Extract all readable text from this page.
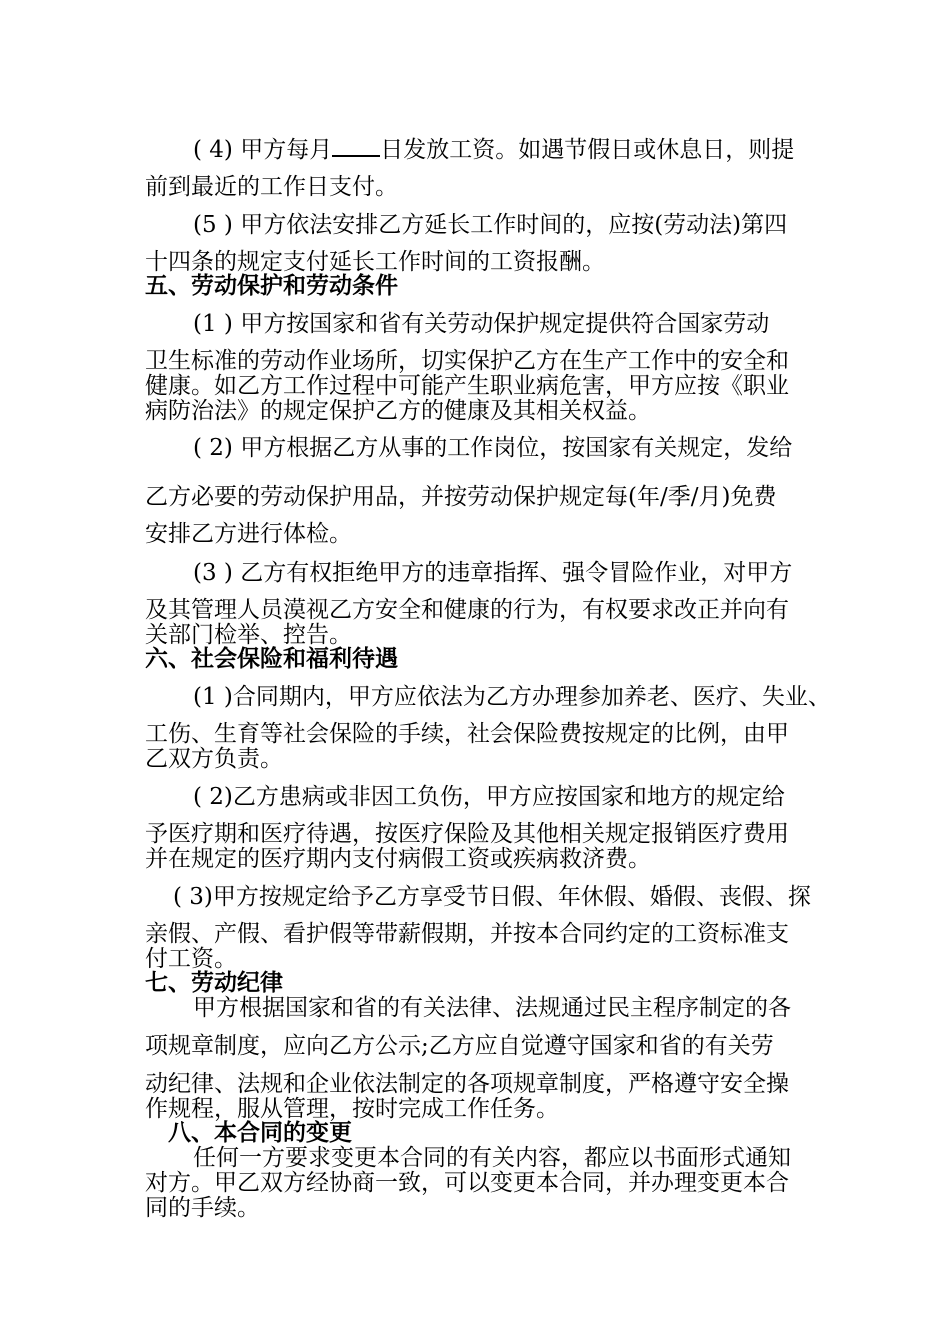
( 4) 甲方每月 日发放工资。如遇节假日或休息日，则提
前到最近的工作日支付。
(5 ) 甲方依法安排乙方延长工作时间的，应按(劳动法)第四
十四条的规定支付延长工作时间的工资报酬。
五、劳动保护和劳动条件
(1 ) 甲方按国家和省有关劳动保护规定提供符合国家劳动
卫生标准的劳动作业场所，切实保护乙方在生产工作中的安全和
健康。如乙方工作过程中可能产生职业病危害，甲方应按《职业
病防治法》的规定保护乙方的健康及其相关权益。
( 2) 甲方根据乙方从事的工作岗位，按国家有关规定，发给
乙方必要的劳动保护用品，并按劳动保护规定每(年/季/月)免费
安排乙方进行体检。
(3 ) 乙方有权拒绝甲方的违章指挥、强令冒险作业，对甲方
及其管理人员漠视乙方安全和健康的行为，有权要求改正并向有
关部门检举、控告。
六、社会保险和福利待遇
(1 )合同期内，甲方应依法为乙方办理参加养老、医疗、失业、
工伤、生育等社会保险的手续，社会保险费按规定的比例，由甲
乙双方负责。
( 2)乙方患病或非因工负伤，甲方应按国家和地方的规定给
予医疗期和医疗待遇，按医疗保险及其他相关规定报销医疗费用
并在规定的医疗期内支付病假工资或疾病救济费。
( 3)甲方按规定给予乙方享受节日假、年休假、婚假、丧假、探
亲假、产假、看护假等带薪假期，并按本合同约定的工资标准支
付工资。
七、劳动纪律
甲方根据国家和省的有关法律、法规通过民主程序制定的各
项规章制度，应向乙方公示;乙方应自觉遵守国家和省的有关劳
动纪律、法规和企业依法制定的各项规章制度，严格遵守安全操
作规程，服从管理，按时完成工作任务。
八、本合同的变更
任何一方要求变更本合同的有关内容，都应以书面形式通知
对方。甲乙双方经协商一致，可以变更本合同，并办理变更本合
同的手续。
